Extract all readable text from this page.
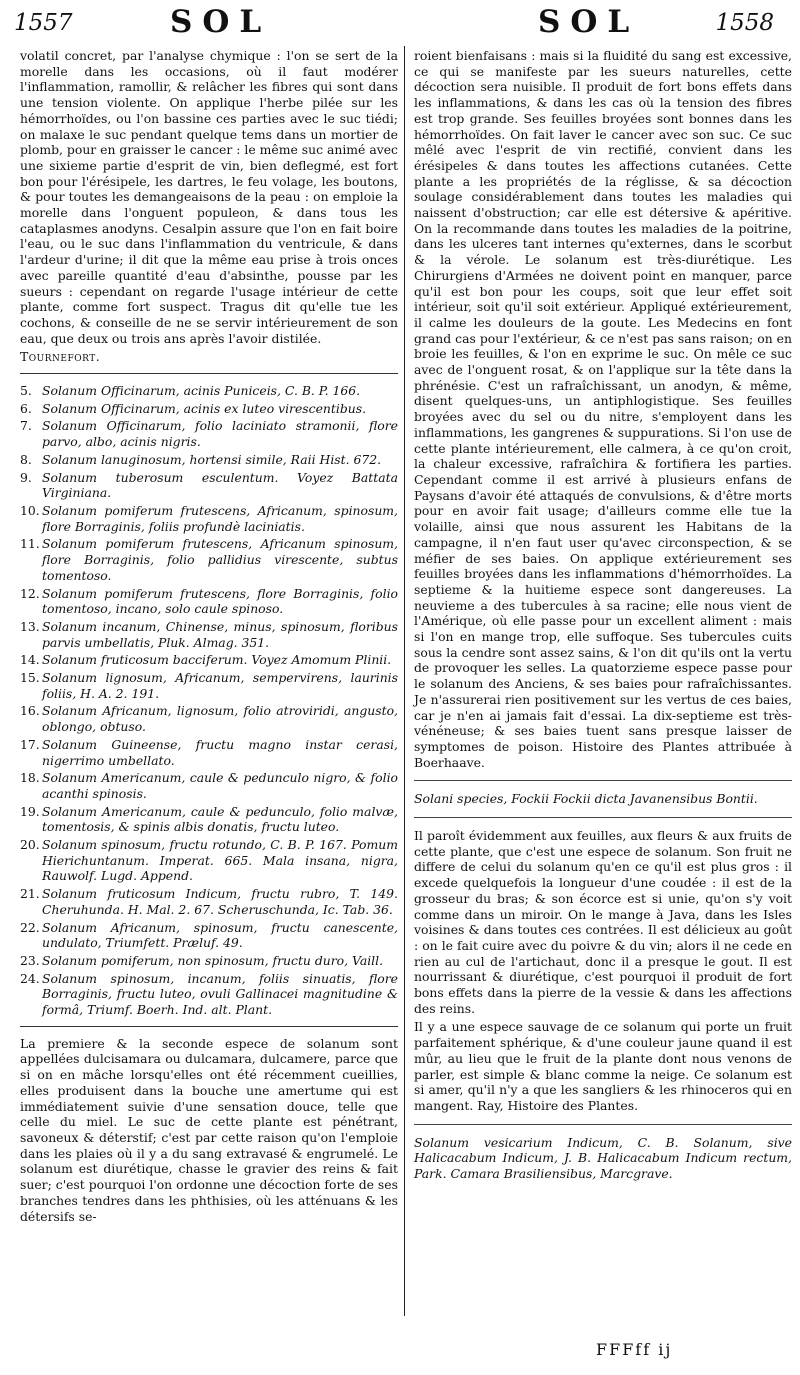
1557	SOL	SOL	1558

volatil concret, par l'analyse chymique : l'on se sert de la morelle dans les occasions, où il faut modérer l'inflammation, ramollir, & relâcher les fibres qui sont dans une tension violente. On applique l'herbe pilée sur les hémorrhoïdes, ou l'on bassine ces parties avec le suc tiédi; on malaxe le suc pendant quelque tems dans un mortier de plomb, pour en graisser le cancer : le même suc animé avec une sixieme partie d'esprit de vin, bien deflegmé, est fort bon pour l'érésipele, les dartres, le feu volage, les boutons, & pour toutes les demangeaisons de la peau : on emploie la morelle dans l'onguent populeon, & dans tous les cataplasmes anodyns. Cesalpin assure que l'on en fait boire l'eau, ou le suc dans l'inflammation du ventricule, & dans l'ardeur d'urine; il dit que la même eau prise à trois onces avec pareille quantité d'eau d'absinthe, pousse par les sueurs : cependant on regarde l'usage intérieur de cette plante, comme fort suspect. Tragus dit qu'elle tue les cochons, & conseille de ne se servir intérieurement de son eau, que deux ou trois ans après l'avoir distilée.

Tournefort.

5. Solanum Officinarum, acinis Puniceis, C. B. P. 166.
6. Solanum Officinarum, acinis ex luteo virescentibus.
7. Solanum Officinarum, folio laciniato stramonii, flore parvo, albo, acinis nigris.
8. Solanum lanuginosum, hortensi simile, Raii Hist. 672.
9. Solanum tuberosum esculentum. Voyez Battata Virginiana.
10. Solanum pomiferum frutescens, Africanum, spinosum, flore Borraginis, foliis profundè laciniatis.
11. Solanum pomiferum frutescens, Africanum spinosum, flore Borraginis, folio pallidius virescente, subtus tomentoso.
12. Solanum pomiferum frutescens, flore Borraginis, folio tomentoso, incano, solo caule spinoso.
13. Solanum incanum, Chinense, minus, spinosum, floribus parvis umbellatis, Pluk. Almag. 351.
14. Solanum fruticosum bacciferum. Voyez Amomum Plinii.
15. Solanum lignosum, Africanum, sempervirens, laurinis foliis, H. A. 2. 191.
16. Solanum Africanum, lignosum, folio atroviridi, angusto, oblongo, obtuso.
17. Solanum Guineense, fructu magno instar cerasi, nigerrimo umbellato.
18. Solanum Americanum, caule & pedunculo nigro, & folio acanthi spinosis.
19. Solanum Americanum, caule & pedunculo, folio malvæ, tomentosis, & spinis albis donatis, fructu luteo.
20. Solanum spinosum, fructu rotundo, C. B. P. 167. Pomum Hierichuntanum. Imperat. 665. Mala insana, nigra, Rauwolf. Lugd. Append.
21. Solanum fruticosum Indicum, fructu rubro, T. 149. Cheruhunda. H. Mal. 2. 67. Scheruschunda, Ic. Tab. 36.
22. Solanum Africanum, spinosum, fructu canescente, undulato, Triumfett. Præluf. 49.
23. Solanum pomiferum, non spinosum, fructu duro, Vaill.
24. Solanum spinosum, incanum, foliis sinuatis, flore Borraginis, fructu luteo, ovuli Gallinacei magnitudine & formâ, Triumf. Boerh. Ind. alt. Plant.

La premiere & la seconde espece de solanum sont appellées dulcisamara ou dulcamara, dulcamere, parce que si on en mâche lorsqu'elles ont été récemment cueillies, elles produisent dans la bouche une amertume qui est immédiatement suivie d'une sensation douce, telle que celle du miel. Le suc de cette plante est pénétrant, savoneux & déterstif; c'est par cette raison qu'on l'emploie dans les plaies où il y a du sang extravasé & engrumelé. Le solanum est diurétique, chasse le gravier des reins & fait suer; c'est pourquoi l'on ordonne une décoction forte de ses branches tendres dans les phthisies, où les atténuans & les détersifs se-

roient bienfaisans : mais si la fluidité du sang est excessive, ce qui se manifeste par les sueurs naturelles, cette décoction sera nuisible. Il produit de fort bons effets dans les inflammations, & dans les cas où la tension des fibres est trop grande. Ses feuilles broyées sont bonnes dans les hémorrhoïdes. On fait laver le cancer avec son suc. Ce suc mêlé avec l'esprit de vin rectifié, convient dans les érésipeles & dans toutes les affections cutanées. Cette plante a les propriétés de la réglisse, & sa décoction soulage considérablement dans toutes les maladies qui naissent d'obstruction; car elle est détersive & apéritive. On la recommande dans toutes les maladies de la poitrine, dans les ulceres tant internes qu'externes, dans le scorbut & la vérole. Le solanum est très-diurétique. Les Chirurgiens d'Armées ne doivent point en manquer, parce qu'il est bon pour les coups, soit que leur effet soit intérieur, soit qu'il soit extérieur. Appliqué extérieurement, il calme les douleurs de la goute. Les Medecins en font grand cas pour l'extérieur, & ce n'est pas sans raison; on en broie les feuilles, & l'on en exprime le suc. On mêle ce suc avec de l'onguent rosat, & on l'applique sur la tête dans la phrénésie. C'est un rafraîchissant, un anodyn, & même, disent quelques-uns, un antiphlogistique. Ses feuilles broyées avec du sel ou du nitre, s'employent dans les inflammations, les gangrenes & suppurations. Si l'on use de cette plante intérieurement, elle calmera, à ce qu'on croit, la chaleur excessive, rafraîchira & fortifiera les parties. Cependant comme il est arrivé à plusieurs enfans de Paysans d'avoir été attaqués de convulsions, & d'être morts pour en avoir fait usage; d'ailleurs comme elle tue la volaille, ainsi que nous assurent les Habitans de la campagne, il n'en faut user qu'avec circonspection, & se méfier de ses baies. On applique extérieurement ses feuilles broyées dans les inflammations d'hémorrhoïdes. La septieme & la huitieme espece sont dangereuses. La neuvieme a des tubercules à sa racine; elle nous vient de l'Amérique, où elle passe pour un excellent aliment : mais si l'on en mange trop, elle suffoque. Ses tubercules cuits sous la cendre sont assez sains, & l'on dit qu'ils ont la vertu de provoquer les selles. La quatorzieme espece passe pour le solanum des Anciens, & ses baies pour rafraîchissantes. Je n'assurerai rien positivement sur les vertus de ces baies, car je n'en ai jamais fait d'essai. La dix-septieme est très-vénéneuse; & ses baies tuent sans presque laisser de symptomes de poison. Histoire des Plantes attribuée à Boerhaave.

Solani species, Fockii Fockii dicta Javanensibus Bontii.

Il paroît évidemment aux feuilles, aux fleurs & aux fruits de cette plante, que c'est une espece de solanum. Son fruit ne differe de celui du solanum qu'en ce qu'il est plus gros : il excede quelquefois la longueur d'une coudée : il est de la grosseur du bras; & son écorce est si unie, qu'on s'y voit comme dans un miroir. On le mange à Java, dans les Isles voisines & dans toutes ces contrées. Il est délicieux au goût : on le fait cuire avec du poivre & du vin; alors il ne cede en rien au cul de l'artichaut, donc il a presque le gout. Il est nourrissant & diurétique, c'est pourquoi il produit de fort bons effets dans la pierre de la vessie & dans les affections des reins.

Il y a une espece sauvage de ce solanum qui porte un fruit parfaitement sphérique, & d'une couleur jaune quand il est mûr, au lieu que le fruit de la plante dont nous venons de parler, est simple & blanc comme la neige. Ce solanum est si amer, qu'il n'y a que les sangliers & les rhinoceros qui en mangent. Ray, Histoire des Plantes.

Solanum vesicarium Indicum, C. B. Solanum, sive Halicacabum Indicum, J. B. Halicacabum Indicum rectum, Park. Camara Brasiliensibus, Marcgrave.

FFFff ij
